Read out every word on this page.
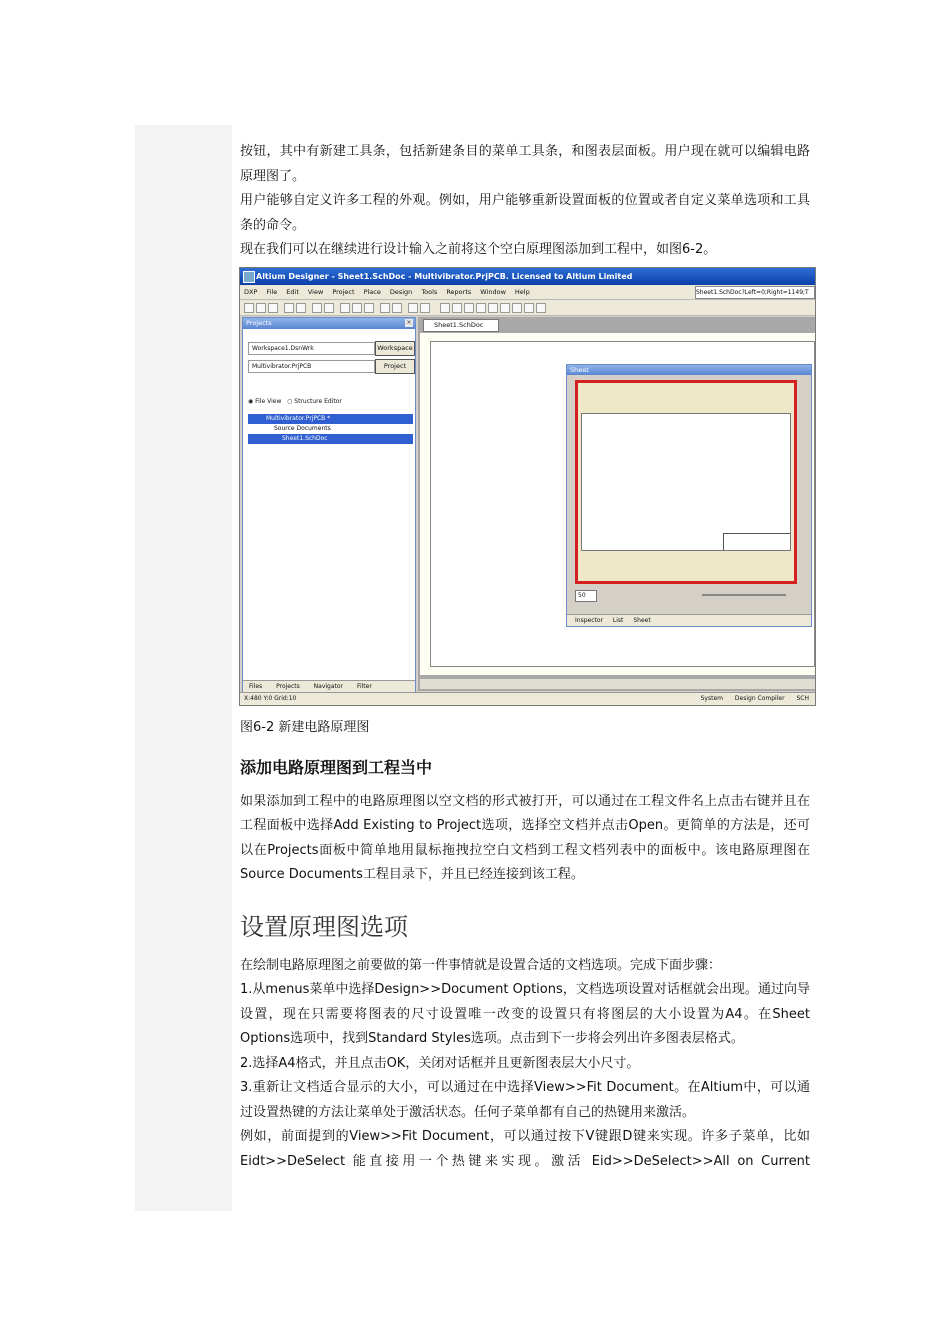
按钮，其中有新建工具条，包括新建条目的菜单工具条，和图表层面板。用户现在就可以编辑电路原理图了。

用户能够自定义许多工程的外观。例如，用户能够重新设置面板的位置或者自定义菜单选项和工具条的命令。

现在我们可以在继续进行设计输入之前将这个空白原理图添加到工程中，如图6-2。

Altium Designer - Sheet1.SchDoc - Multivibrator.PrjPCB. Licensed to Altium Limited
DXP File Edit View Project Place Design Tools Reports Window Help	Sheet1.SchDoc?Left=0;Right=1149;T
Projects	×
Workspace1.DsnWrk	Workspace
Multivibrator.PrjPCB	Project
◉ File View ○ Structure Editor
Multivibrator.PrjPCB *
Source Documents
Sheet1.SchDoc
Files Projects Navigator Filter
Sheet1.SchDoc
Sheet
50
Inspector List Sheet
X:480 Y:0 Grid:10	System Design Compiler SCH

图6-2 新建电路原理图

添加电路原理图到工程当中

如果添加到工程中的电路原理图以空文档的形式被打开，可以通过在工程文件名上点击右键并且在工程面板中选择Add Existing to Project选项，选择空文档并点击Open。更简单的方法是，还可以在Projects面板中简单地用鼠标拖拽拉空白文档到工程文档列表中的面板中。该电路原理图在Source Documents工程目录下，并且已经连接到该工程。

设置原理图选项

在绘制电路原理图之前要做的第一件事情就是设置合适的文档选项。完成下面步骤：

1.从menus菜单中选择Design>>Document Options，文档选项设置对话框就会出现。通过向导设置，现在只需要将图表的尺寸设置唯一改变的设置只有将图层的大小设置为A4。在Sheet Options选项中，找到Standard Styles选项。点击到下一步将会列出许多图表层格式。

2.选择A4格式，并且点击OK，关闭对话框并且更新图表层大小尺寸。

3.重新让文档适合显示的大小，可以通过在中选择View>>Fit Document。在Altium中，可以通过设置热键的方法让菜单处于激活状态。任何子菜单都有自己的热键用来激活。

例如，前面提到的View>>Fit Document，可以通过按下V键跟D键来实现。许多子菜单，比如Eidt>>DeSelect 能直接用一个热键来实现。激活 Eid>>DeSelect>>All on Current
